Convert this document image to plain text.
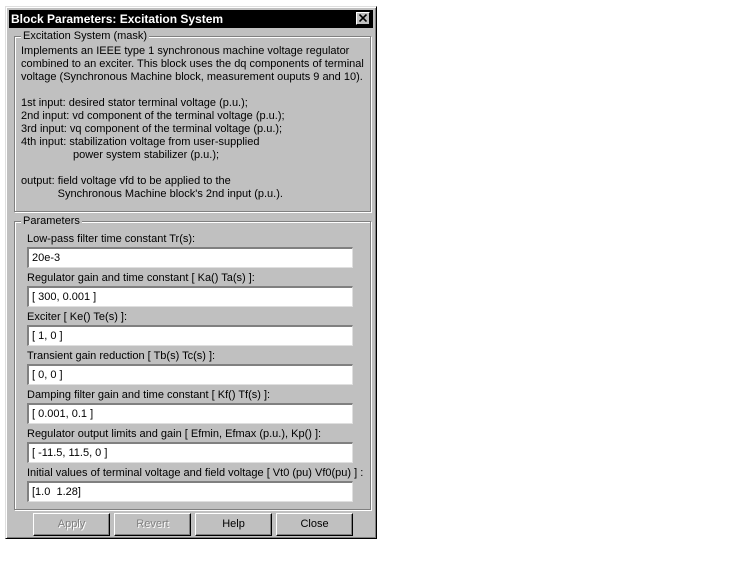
Block Parameters: Excitation System
Excitation System (mask)
Implements an IEEE type 1 synchronous machine voltage regulator
combined to an exciter. This block uses the dq components of terminal
voltage (Synchronous Machine block, measurement ouputs 9 and 10).

1st input: desired stator terminal voltage (p.u.);
2nd input: vd component of the terminal voltage (p.u.);
3rd input: vq component of the terminal voltage (p.u.);
4th input: stabilization voltage from user-supplied
power system stabilizer (p.u.);

output: field voltage vfd to be applied to the
Synchronous Machine block's 2nd input (p.u.).
Parameters
Low-pass filter time constant Tr(s):
20e-3
Regulator gain and time constant [ Ka() Ta(s) ]:
[ 300, 0.001 ]
Exciter [ Ke() Te(s) ]:
[ 1, 0 ]
Transient gain reduction [ Tb(s) Tc(s) ]:
[ 0, 0 ]
Damping filter gain and time constant [ Kf() Tf(s) ]:
[ 0.001, 0.1 ]
Regulator output limits and gain [ Efmin, Efmax (p.u.), Kp() ]:
[ -11.5, 11.5, 0 ]
Initial values of terminal voltage and field voltage [ Vt0 (pu) Vf0(pu) ] :
[1.0 1.28]
Apply	Revert	Help	Close
